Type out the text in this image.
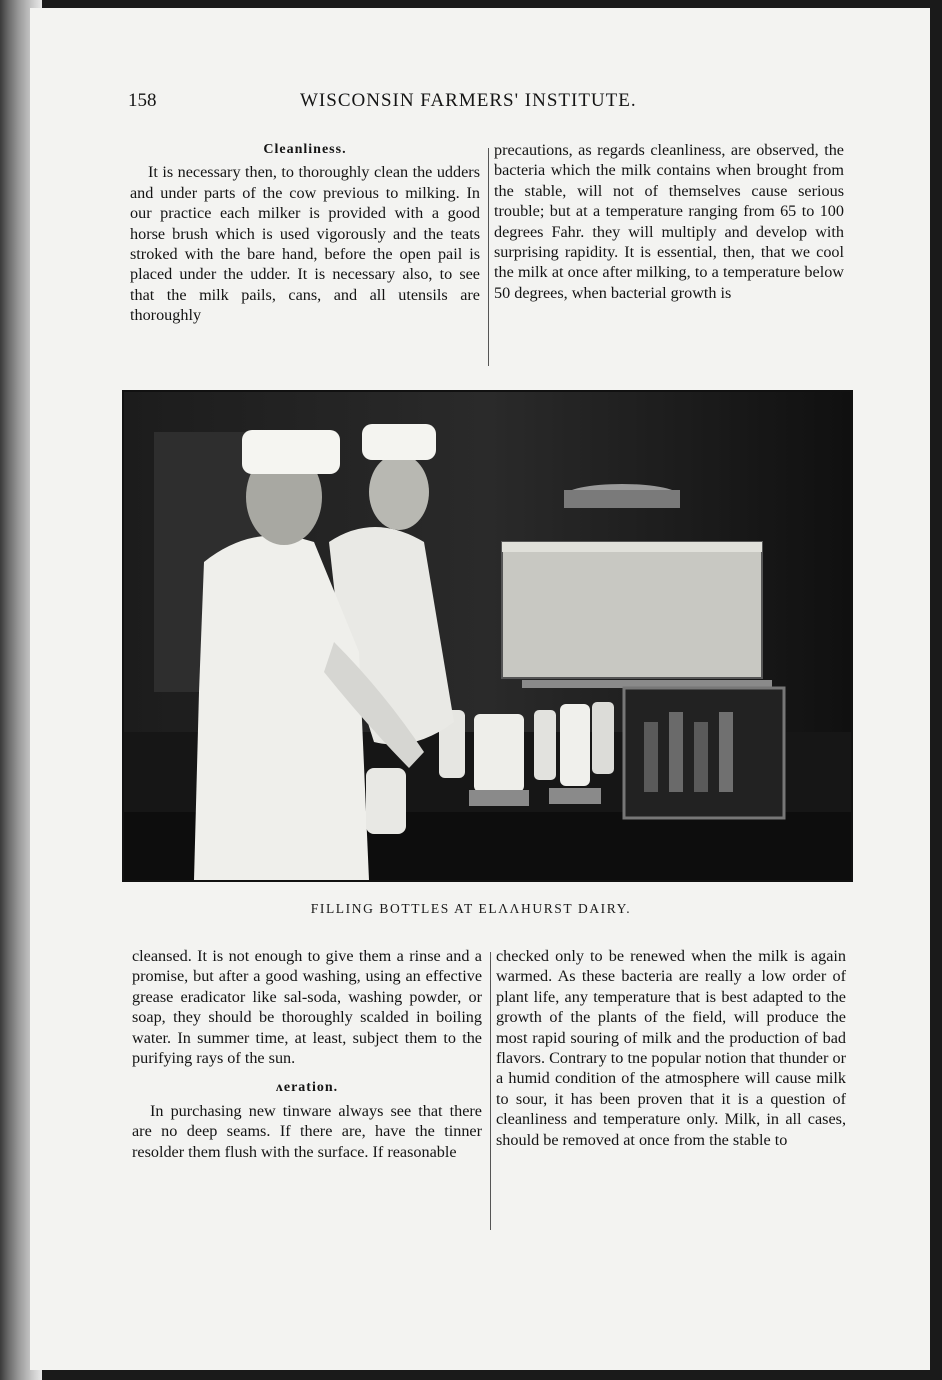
158	WISCONSIN FARMERS' INSTITUTE.
Cleanliness.

It is necessary then, to thoroughly clean the udders and under parts of the cow previous to milking. In our practice each milker is provided with a good horse brush which is used vigorously and the teats stroked with the bare hand, before the open pail is placed under the udder. It is necessary also, to see that the milk pails, cans, and all utensils are thoroughly

precautions, as regards cleanliness, are observed, the bacteria which the milk contains when brought from the stable, will not of themselves cause serious trouble; but at a temperature ranging from 65 to 100 degrees Fahr. they will multiply and develop with surprising rapidity. It is essential, then, that we cool the milk at once after milking, to a temperature below 50 degrees, when bacterial growth is

FILLING BOTTLES AT ELɅɅHURST DAIRY.

cleansed. It is not enough to give them a rinse and a promise, but after a good washing, using an effective grease eradicator like sal-soda, washing powder, or soap, they should be thoroughly scalded in boiling water. In summer time, at least, subject them to the purifying rays of the sun.

ʌeration.

In purchasing new tinware always see that there are no deep seams. If there are, have the tinner resolder them flush with the surface. If reasonable

checked only to be renewed when the milk is again warmed. As these bacteria are really a low order of plant life, any temperature that is best adapted to the growth of the plants of the field, will produce the most rapid souring of milk and the production of bad flavors. Contrary to tne popular notion that thunder or a humid condition of the atmosphere will cause milk to sour, it has been proven that it is a question of cleanliness and temperature only. Milk, in all cases, should be removed at once from the stable to
